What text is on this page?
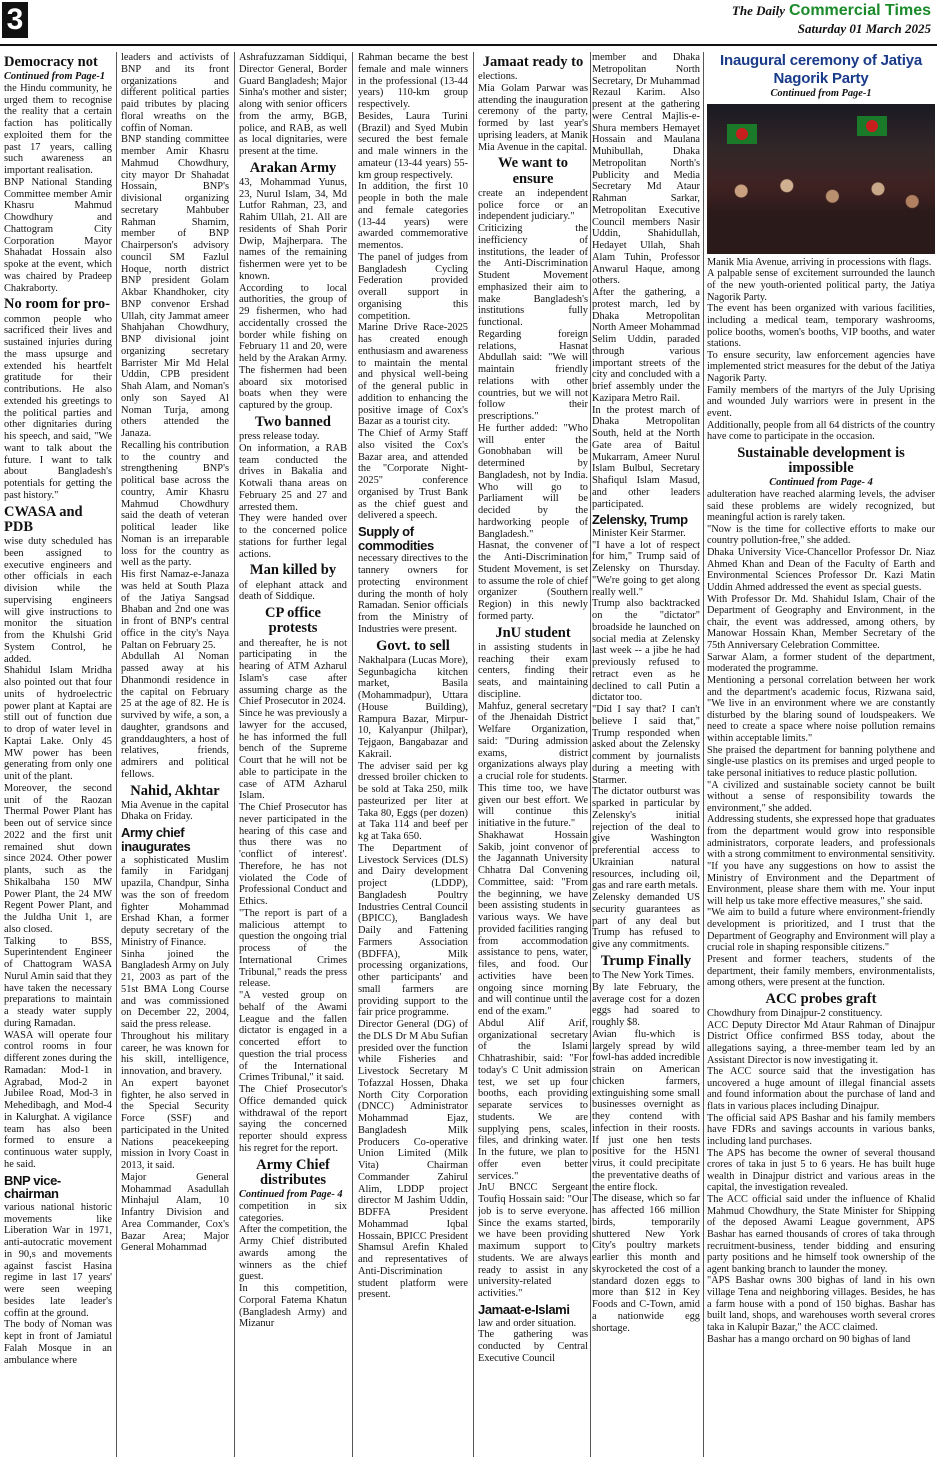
3	The Daily Commercial Times
Saturday 01 March 2025
Democracy not
Continued from Page-1

the Hindu community, he urged them to recognise the reality that a certain faction has politically exploited them for the past 17 years, calling such awareness an important realisation.

BNP National Standing Committee member Amir Khasru Mahmud Chowdhury and Chattogram City Corporation Mayor Shahadat Hossain also spoke at the event, which was chaired by Pradeep Chakraborty.

No room for pro-

common people who sacrificed their lives and sustained injuries during the mass upsurge and extended his heartfelt gratitude for their contributions. He also extended his greetings to the political parties and other dignitaries during his speech, and said, "We want to talk about the future. I want to talk about Bangladesh's potentials for getting the past history."

CWASA and PDB

wise duty scheduled has been assigned to executive engineers and other officials in each division while the supervising engineers will give instructions to monitor the situation from the Khulshi Grid System Control, he added.

Shahidul Islam Mridha also pointed out that four units of hydroelectric power plant at Kaptai are still out of function due to drop of water level in Kaptai Lake. Only 45 MW power has been generating from only one unit of the plant.

Moreover, the second unit of the Raozan Thermal Power Plant has been out of service since 2022 and the first unit remained shut down since 2024. Other power plants, such as the Shikalbaha 150 MW Power Plant, the 24 MW Regent Power Plant, and the Juldha Unit 1, are also closed.

Talking to BSS, Superintendent Engineer of Chattogram WASA Nurul Amin said that they have taken the necessary preparations to maintain a steady water supply during Ramadan.

WASA will operate four control rooms in four different zones during the Ramadan: Mod-1 in Agrabad, Mod-2 in Jubilee Road, Mod-3 in Mehedibagh, and Mod-4 in Kalurghat. A vigilance team has also been formed to ensure a continuous water supply, he said.

BNP vice-chairman

various national historic movements like Liberation War in 1971, anti-autocratic movement in 90,s and movements against fascist Hasina regime in last 17 years' were seen weeping besides late leader's coffin at the ground.

The body of Noman was kept in front of Jamiatul Falah Mosque in an ambulance where

leaders and activists of BNP and its front organizations and different political parties paid tributes by placing floral wreaths on the coffin of Noman.

BNP standing committee member Amir Khasru Mahmud Chowdhury, city mayor Dr Shahadat Hossain, BNP's divisional organizing secretary Mahbuber Rahman Shamim, member of BNP Chairperson's advisory council SM Fazlul Hoque, north district BNP president Golam Akbar Khandhoker, city BNP convenor Ershad Ullah, city Jammat ameer Shahjahan Chowdhury, BNP divisional joint organizing secretary Barrister Mir Md Helal Uddin, CPB president Shah Alam, and Noman's only son Sayed Al Noman Turja, among others attended the Janaza.

Recalling his contribution to the country and strengthening BNP's political base across the country, Amir Khasru Mahmud Chowdhury said the death of veteran political leader like Noman is an irreparable loss for the country as well as the party.

His first Namaz-e-Janaza was held at South Plaza of the Jatiya Sangsad Bhaban and 2nd one was in front of BNP's central office in the city's Naya Paltan on February 25.

Abdullah Al Noman passed away at his Dhanmondi residence in the capital on February 25 at the age of 82. He is survived by wife, a son, a daughter, grandsons and granddaughters, a host of relatives, friends, admirers and political fellows.

Nahid, Akhtar

Mia Avenue in the capital Dhaka on Friday.

Army chief inaugurates

a sophisticated Muslim family in Faridganj upazila, Chandpur, Sinha was the son of freedom fighter Mohammad Ershad Khan, a former deputy secretary of the Ministry of Finance.

Sinha joined the Bangladesh Army on July 21, 2003 as part of the 51st BMA Long Course and was commissioned on December 22, 2004, said the press release.

Throughout his military career, he was known for his skill, intelligence, innovation, and bravery.

An expert bayonet fighter, he also served in the Special Security Force (SSF) and participated in the United Nations peacekeeping mission in Ivory Coast in 2013, it said.

Major General Mohammad Asadullah Minhajul Alam, 10 Infantry Division and Area Commander, Cox's Bazar Area; Major General Mohammad

Ashrafuzzaman Siddiqui, Director General, Border Guard Bangladesh; Major Sinha's mother and sister; along with senior officers from the army, BGB, police, and RAB, as well as local dignitaries, were present at the time.

Arakan Army

43, Mohammad Yunus, 23, Nurul Islam, 34, Md Lutfor Rahman, 23, and Rahim Ullah, 21. All are residents of Shah Porir Dwip, Majherpara. The names of the remaining fishermen were yet to be known.

According to local authorities, the group of 29 fishermen, who had accidentally crossed the border while fishing on February 11 and 20, were held by the Arakan Army. The fishermen had been aboard six motorised boats when they were captured by the group.

Two banned

press release today.

On information, a RAB team conducted the drives in Bakalia and Kotwali thana areas on February 25 and 27 and arrested them.

They were handed over to the concerned police stations for further legal actions.

Man killed by

of elephant attack and death of Siddique.

CP office protests

and thereafter, he is not participating in the hearing of ATM Azharul Islam's case after assuming charge as the Chief Prosecutor in 2024.

Since he was previously a lawyer for the accused, he has informed the full bench of the Supreme Court that he will not be able to participate in the case of ATM Azharul Islam.

The Chief Prosecutor has never participated in the hearing of this case and thus there was no 'conflict of interest'. Therefore, he has not violated the Code of Professional Conduct and Ethics.

"The report is part of a malicious attempt to question the ongoing trial process of the International Crimes Tribunal," reads the press release.

"A vested group on behalf of the Awami League and the fallen dictator is engaged in a concerted effort to question the trial process of the International Crimes Tribunal," it said.

The Chief Prosecutor's Office demanded quick withdrawal of the report saying the concerned reporter should express his regret for the report.

Army Chief distributes
Continued from Page- 4

competition in six categories.

After the competition, the Army Chief distributed awards among the winners as the chief guest.

In this competition, Corporal Fatema Khatun (Bangladesh Army) and Mizanur

Rahman became the best female and male winners in the professional (13-44 years) 110-km group respectively.

Besides, Laura Turini (Brazil) and Syed Mubin secured the best female and male winners in the amateur (13-44 years) 55-km group respectively.

In addition, the first 10 people in both the male and female categories (13-44 years) were awarded commemorative mementos.

The panel of judges from Bangladesh Cycling Federation provided overall support in organising this competition.

Marine Drive Race-2025 has created enough enthusiasm and awareness to maintain the mental and physical well-being of the general public in addition to enhancing the positive image of Cox's Bazar as a tourist city.

The Chief of Army Staff also visited the Cox's Bazar area, and attended the "Corporate Night-2025" conference organised by Trust Bank as the chief guest and delivered a speech.

Supply of commodities

necessary directives to the tannery owners for protecting environment during the month of holy Ramadan. Senior officials from the Ministry of Industries were present.

Govt. to sell

Nakhalpara (Lucas More), Segunbagicha kitchen market, Basila (Mohammadpur), Uttara (House Building), Rampura Bazar, Mirpur-10, Kalyanpur (Jhilpar), Tejgaon, Bangabazar and Kakrail.

The adviser said per kg dressed broiler chicken to be sold at Taka 250, milk pasteurized per liter at Taka 80, Eggs (per dozen) at Taka 114 and beef per kg at Taka 650.

The Department of Livestock Services (DLS) and Dairy development project (LDDP), Bangladesh Poultry Industries Central Council (BPICC), Bangladesh Daily and Fattening Farmers Association (BDFFA), Milk processing organizations, other participants' and small farmers are providing support to the fair price programme.

Director General (DG) of the DLS Dr M Abu Sufian presided over the function while Fisheries and Livestock Secretary M Tofazzal Hossen, Dhaka North City Corporation (DNCC) Administrator Mohammad Ejaz, Bangladesh Milk Producers Co-operative Union Limited (Milk Vita) Chairman Commander Zahirul Alim, LDDP project director M Jashim Uddin, BDFFA President Mohammad Iqbal Hossain, BPICC President Shamsul Arefin Khaled and representatives of Anti-Discrimination student platform were present.

Jamaat ready to

elections.

Mia Golam Parwar was attending the inauguration ceremony of the party, formed by last year's uprising leaders, at Manik Mia Avenue in the capital.

We want to ensure

create an independent police force or an independent judiciary."

Criticizing the inefficiency of institutions, the leader of the Anti-Discrimination Student Movement emphasized their aim to make Bangladesh's institutions fully functional.

Regarding foreign relations, Hasnat Abdullah said: "We will maintain friendly relations with other countries, but we will not follow their prescriptions."

He further added: "Who will enter the Gonobhaban will be determined by Bangladesh, not by India. Who will go to Parliament will be decided by the hardworking people of Bangladesh."

Hasnat, the convener of the Anti-Discrimination Student Movement, is set to assume the role of chief organizer (Southern Region) in this newly formed party.

JnU student

in assisting students in reaching their exam centers, finding their seats, and maintaining discipline.

Mahfuz, general secretary of the Jhenaidah District Welfare Organization, said: "During admission exams, district organizations always play a crucial role for students. This time too, we have given our best effort. We will continue this initiative in the future."

Shakhawat Hossain Sakib, joint convenor of the Jagannath University Chhatra Dal Convening Committee, said: "From the beginning, we have been assisting students in various ways. We have provided facilities ranging from accommodation assistance to pens, water, files, and food. Our activities have been ongoing since morning and will continue until the end of the exam."

Abdul Alif Arif, organizational secretary of the Islami Chhatrashibir, said: "For today's C Unit admission test, we set up four booths, each providing separate services to students. We are supplying pens, scales, files, and drinking water. In the future, we plan to offer even better services."

JnU BNCC Sergeant Toufiq Hossain said: "Our job is to serve everyone. Since the exams started, we have been providing maximum support to students. We are always ready to assist in any university-related activities."

Jamaat-e-Islami

law and order situation.

The gathering was conducted by Central Executive Council

member and Dhaka Metropolitan North Secretary, Dr Muhammad Rezaul Karim. Also present at the gathering were Central Majlis-e-Shura members Hemayet Hossain and Maulana Muhibullah, Dhaka Metropolitan North's Publicity and Media Secretary Md Ataur Rahman Sarkar, Metropolitan Executive Council members Nasir Uddin, Shahidullah, Hedayet Ullah, Shah Alam Tuhin, Professor Anwarul Haque, among others.

After the gathering, a protest march, led by Dhaka Metropolitan North Ameer Mohammad Selim Uddin, paraded through various important streets of the city and concluded with a brief assembly under the Kazipara Metro Rail.

In the protest march of Dhaka Metropolitan South, held at the North Gate area of Baitul Mukarram, Ameer Nurul Islam Bulbul, Secretary Shafiqul Islam Masud, and other leaders participated.

Zelensky, Trump

Minister Keir Starmer.

"I have a lot of respect for him," Trump said of Zelensky on Thursday. "We're going to get along really well."

Trump also backtracked on the "dictator" broadside he launched on social media at Zelensky last week -- a jibe he had previously refused to retract even as he declined to call Putin a dictator too.

"Did I say that? I can't believe I said that," Trump responded when asked about the Zelensky comment by journalists during a meeting with Starmer.

The dictator outburst was sparked in particular by Zelensky's initial rejection of the deal to give Washington preferential access to Ukrainian natural resources, including oil, gas and rare earth metals.

Zelensky demanded US security guarantees as part of any deal but Trump has refused to give any commitments.

Trump Finally

to The New York Times.

By late February, the average cost for a dozen eggs had soared to roughly $8.

Avian flu-which is largely spread by wild fowl-has added incredible strain on American chicken farmers, extinguishing some small businesses overnight as they contend with infection in their roosts. If just one hen tests positive for the H5N1 virus, it could precipitate the preventative deaths of the entire flock.

The disease, which so far has affected 166 million birds, temporarily shuttered New York City's poultry markets earlier this month and skyrocketed the cost of a standard dozen eggs to more than $12 in Key Foods and C-Town, amid a nationwide egg shortage.

Inaugural ceremony of Jatiya Nagorik Party
Continued from Page-1

Manik Mia Avenue, arriving in processions with flags.

A palpable sense of excitement surrounded the launch of the new youth-oriented political party, the Jatiya Nagorik Party.

The event has been organized with various facilities, including a medical team, temporary washrooms, police booths, women's booths, VIP booths, and water stations.

To ensure security, law enforcement agencies have implemented strict measures for the debut of the Jatiya Nagorik Party.

Family members of the martyrs of the July Uprising and wounded July warriors were in present in the event.

Additionally, people from all 64 districts of the country have come to participate in the occasion.

Sustainable development is impossible
Continued from Page- 4

adulteration have reached alarming levels, the adviser said these problems are widely recognized, but meaningful action is rarely taken.

"Now is the time for collective efforts to make our country pollution-free," she added.

Dhaka University Vice-Chancellor Professor Dr. Niaz Ahmed Khan and Dean of the Faculty of Earth and Environmental Sciences Professor Dr. Kazi Matin Uddin Ahmed addressed the event as special guests.

With Professor Dr. Md. Shahidul Islam, Chair of the Department of Geography and Environment, in the chair, the event was addressed, among others, by Manowar Hossain Khan, Member Secretary of the 75th Anniversary Celebration Committee.

Sarwar Alam, a former student of the department, moderated the programme.

Mentioning a personal correlation between her work and the department's academic focus, Rizwana said, "We live in an environment where we are constantly disturbed by the blaring sound of loudspeakers. We need to create a space where noise pollution remains within acceptable limits."

She praised the department for banning polythene and single-use plastics on its premises and urged people to take personal initiatives to reduce plastic pollution.

"A civilized and sustainable society cannot be built without a sense of responsibility towards the environment," she added.

Addressing students, she expressed hope that graduates from the department would grow into responsible administrators, corporate leaders, and professionals with a strong commitment to environmental sensitivity.

"If you have any suggestions on how to assist the Ministry of Environment and the Department of Environment, please share them with me. Your input will help us take more effective measures," she said.

"We aim to build a future where environment-friendly development is prioritized, and I trust that the Department of Geography and Environment will play a crucial role in shaping responsible citizens."

Present and former teachers, students of the department, their family members, environmentalists, among others, were present at the function.

ACC probes graft

Chowdhury from Dinajpur-2 constituency.

ACC Deputy Director Md Ataur Rahman of Dinajpur District Office confirmed BSS today, about the allegations saying, a three-member team led by an Assistant Director is now investigating it.

The ACC source said that the investigation has uncovered a huge amount of illegal financial assets and found information about the purchase of land and flats in various places including Dinajpur.

The official said APS Bashar and his family members have FDRs and savings accounts in various banks, including land purchases.

The APS has become the owner of several thousand crores of taka in just 5 to 6 years. He has built huge wealth in Dinajpur district and various areas in the capital, the investigation revealed.

The ACC official said under the influence of Khalid Mahmud Chowdhury, the State Minister for Shipping of the deposed Awami League government, APS Bashar has earned thousands of crores of taka through recruitment-business, tender bidding and ensuring party positions and he himself took ownership of the agent banking branch to launder the money.

"APS Bashar owns 300 bighas of land in his own village Tena and neighboring villages. Besides, he has a farm house with a pond of 150 bighas. Bashar has built land, shops, and warehouses worth several crores taka in Kalupir Bazar," the ACC claimed.

Bashar has a mango orchard on 90 bighas of land
